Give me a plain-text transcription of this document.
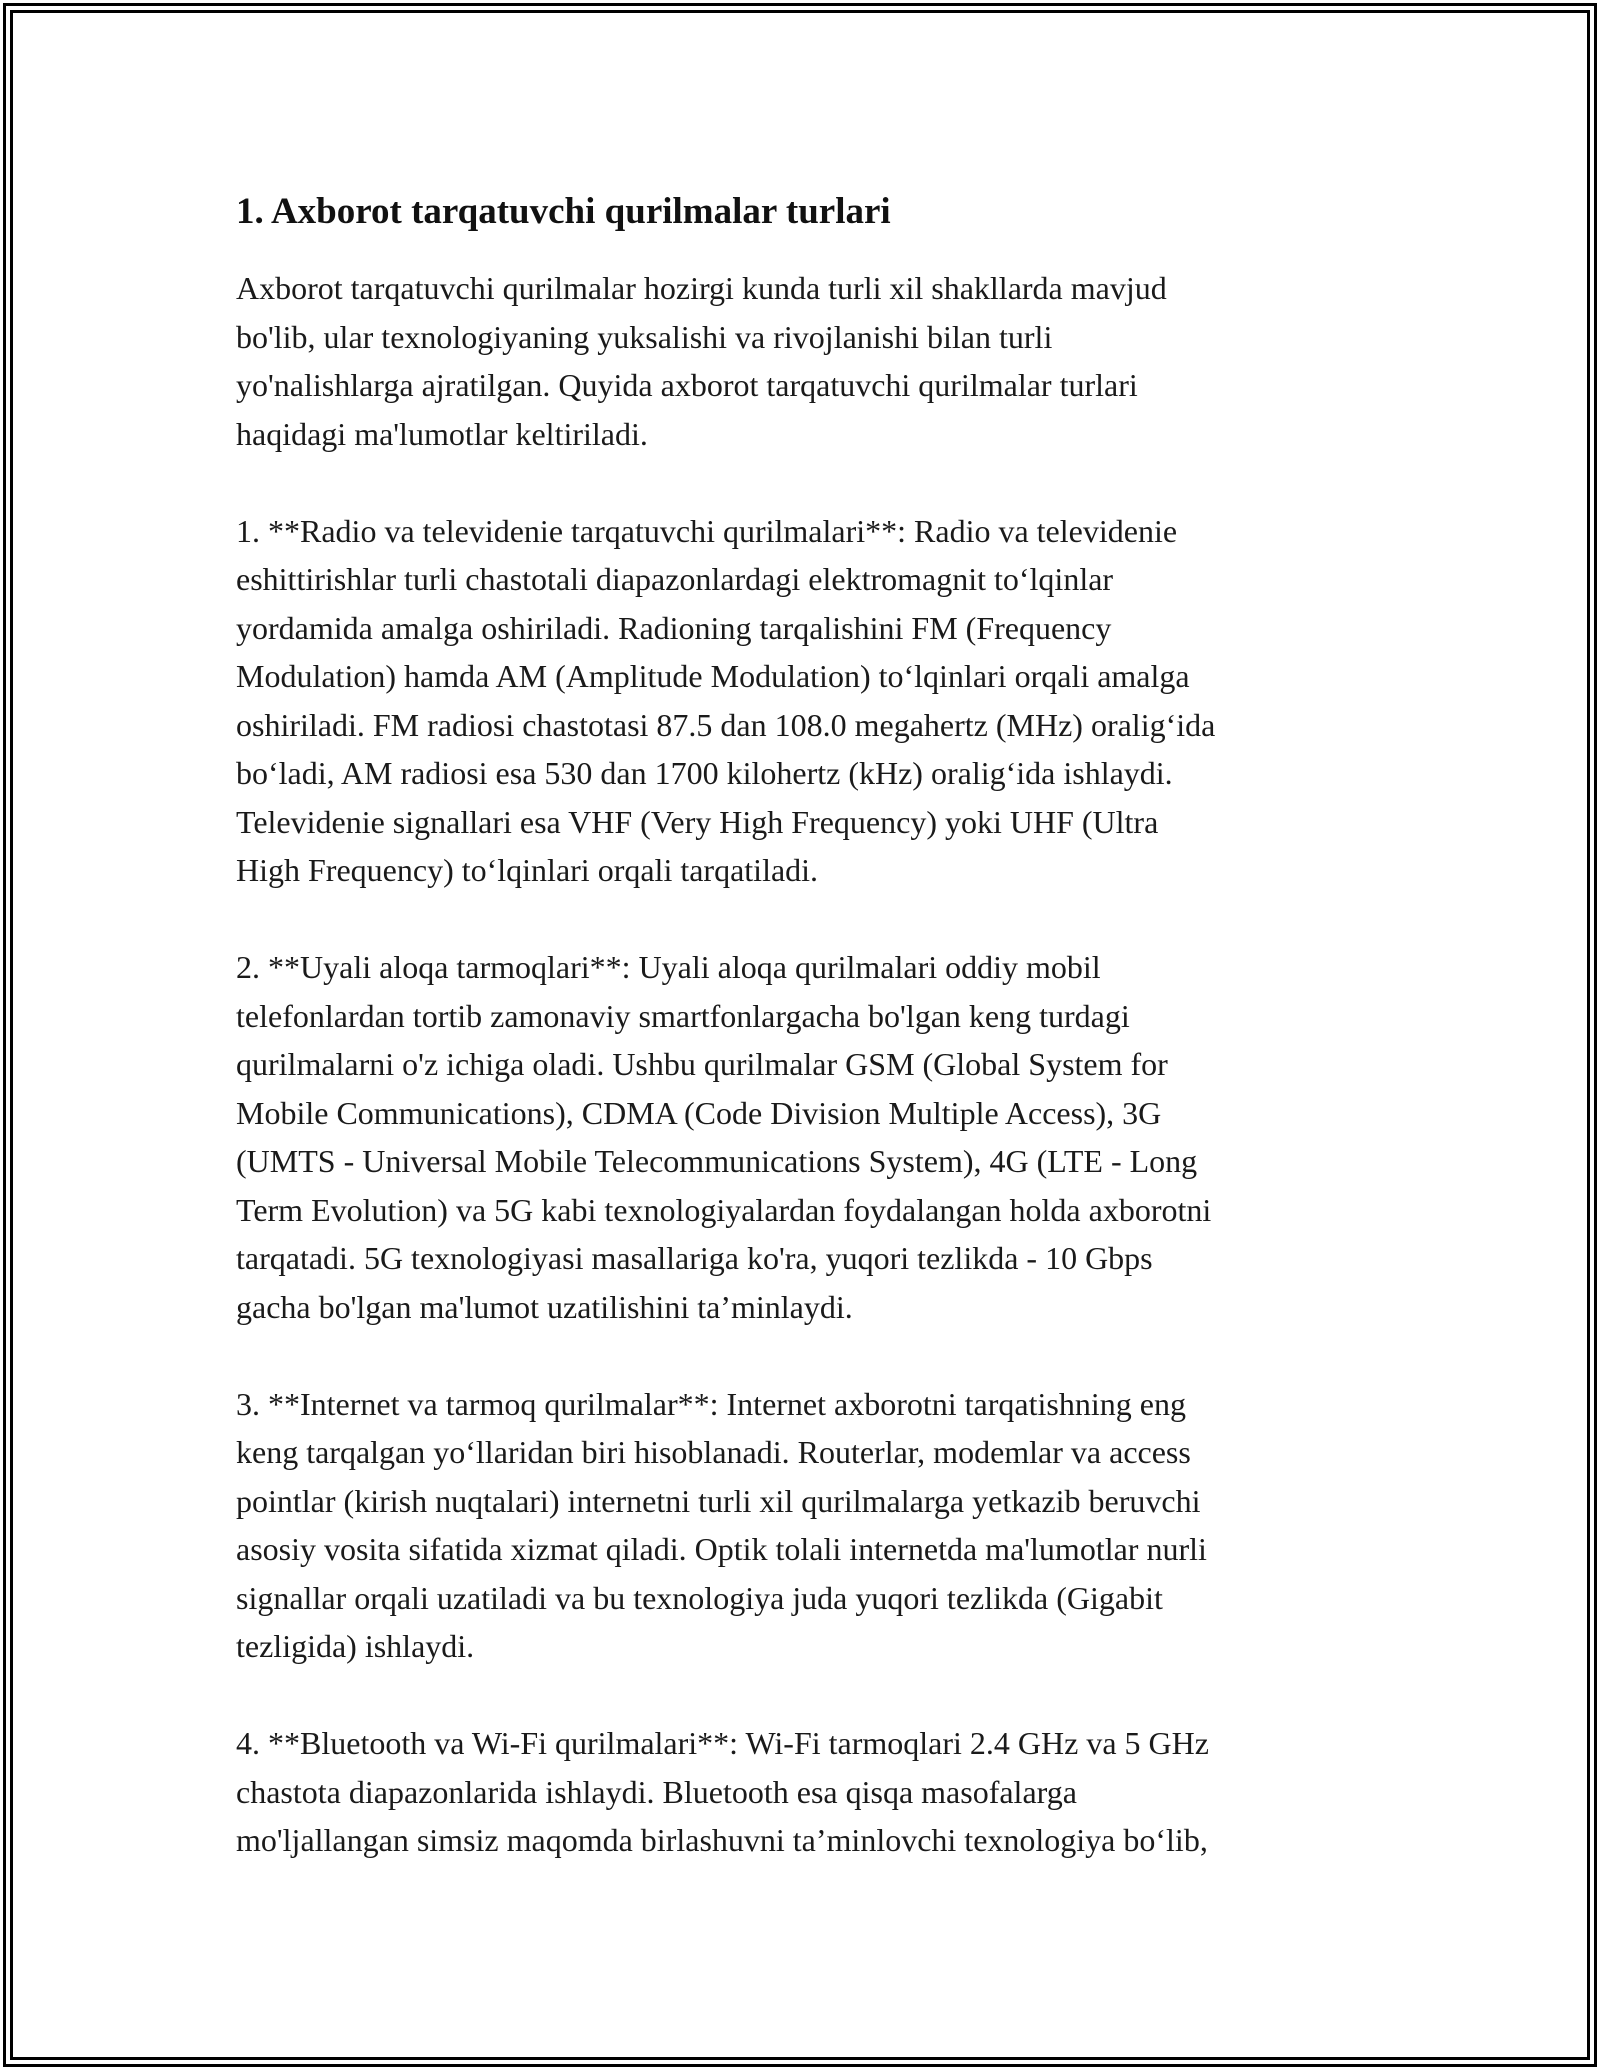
1. Axborot tarqatuvchi qurilmalar turlari
Axborot tarqatuvchi qurilmalar hozirgi kunda turli xil shakllarda mavjud
bo'lib, ular texnologiyaning yuksalishi va rivojlanishi bilan turli
yo'nalishlarga ajratilgan. Quyida axborot tarqatuvchi qurilmalar turlari
haqidagi ma'lumotlar keltiriladi.
1. **Radio va televidenie tarqatuvchi qurilmalari**: Radio va televidenie
eshittirishlar turli chastotali diapazonlardagi elektromagnit to‘lqinlar
yordamida amalga oshiriladi. Radioning tarqalishini FM (Frequency
Modulation) hamda AM (Amplitude Modulation) to‘lqinlari orqali amalga
oshiriladi. FM radiosi chastotasi 87.5 dan 108.0 megahertz (MHz) oralig‘ida
bo‘ladi, AM radiosi esa 530 dan 1700 kilohertz (kHz) oralig‘ida ishlaydi.
Televidenie signallari esa VHF (Very High Frequency) yoki UHF (Ultra
High Frequency) to‘lqinlari orqali tarqatiladi.
2. **Uyali aloqa tarmoqlari**: Uyali aloqa qurilmalari oddiy mobil
telefonlardan tortib zamonaviy smartfonlargacha bo'lgan keng turdagi
qurilmalarni o'z ichiga oladi. Ushbu qurilmalar GSM (Global System for
Mobile Communications), CDMA (Code Division Multiple Access), 3G
(UMTS - Universal Mobile Telecommunications System), 4G (LTE - Long
Term Evolution) va 5G kabi texnologiyalardan foydalangan holda axborotni
tarqatadi. 5G texnologiyasi masallariga ko'ra, yuqori tezlikda - 10 Gbps
gacha bo'lgan ma'lumot uzatilishini ta’minlaydi.
3. **Internet va tarmoq qurilmalar**: Internet axborotni tarqatishning eng
keng tarqalgan yo‘llaridan biri hisoblanadi. Routerlar, modemlar va access
pointlar (kirish nuqtalari) internetni turli xil qurilmalarga yetkazib beruvchi
asosiy vosita sifatida xizmat qiladi. Optik tolali internetda ma'lumotlar nurli
signallar orqali uzatiladi va bu texnologiya juda yuqori tezlikda (Gigabit
tezligida) ishlaydi.
4. **Bluetooth va Wi-Fi qurilmalari**: Wi-Fi tarmoqlari 2.4 GHz va 5 GHz
chastota diapazonlarida ishlaydi. Bluetooth esa qisqa masofalarga
mo'ljallangan simsiz maqomda birlashuvni ta’minlovchi texnologiya bo‘lib,
